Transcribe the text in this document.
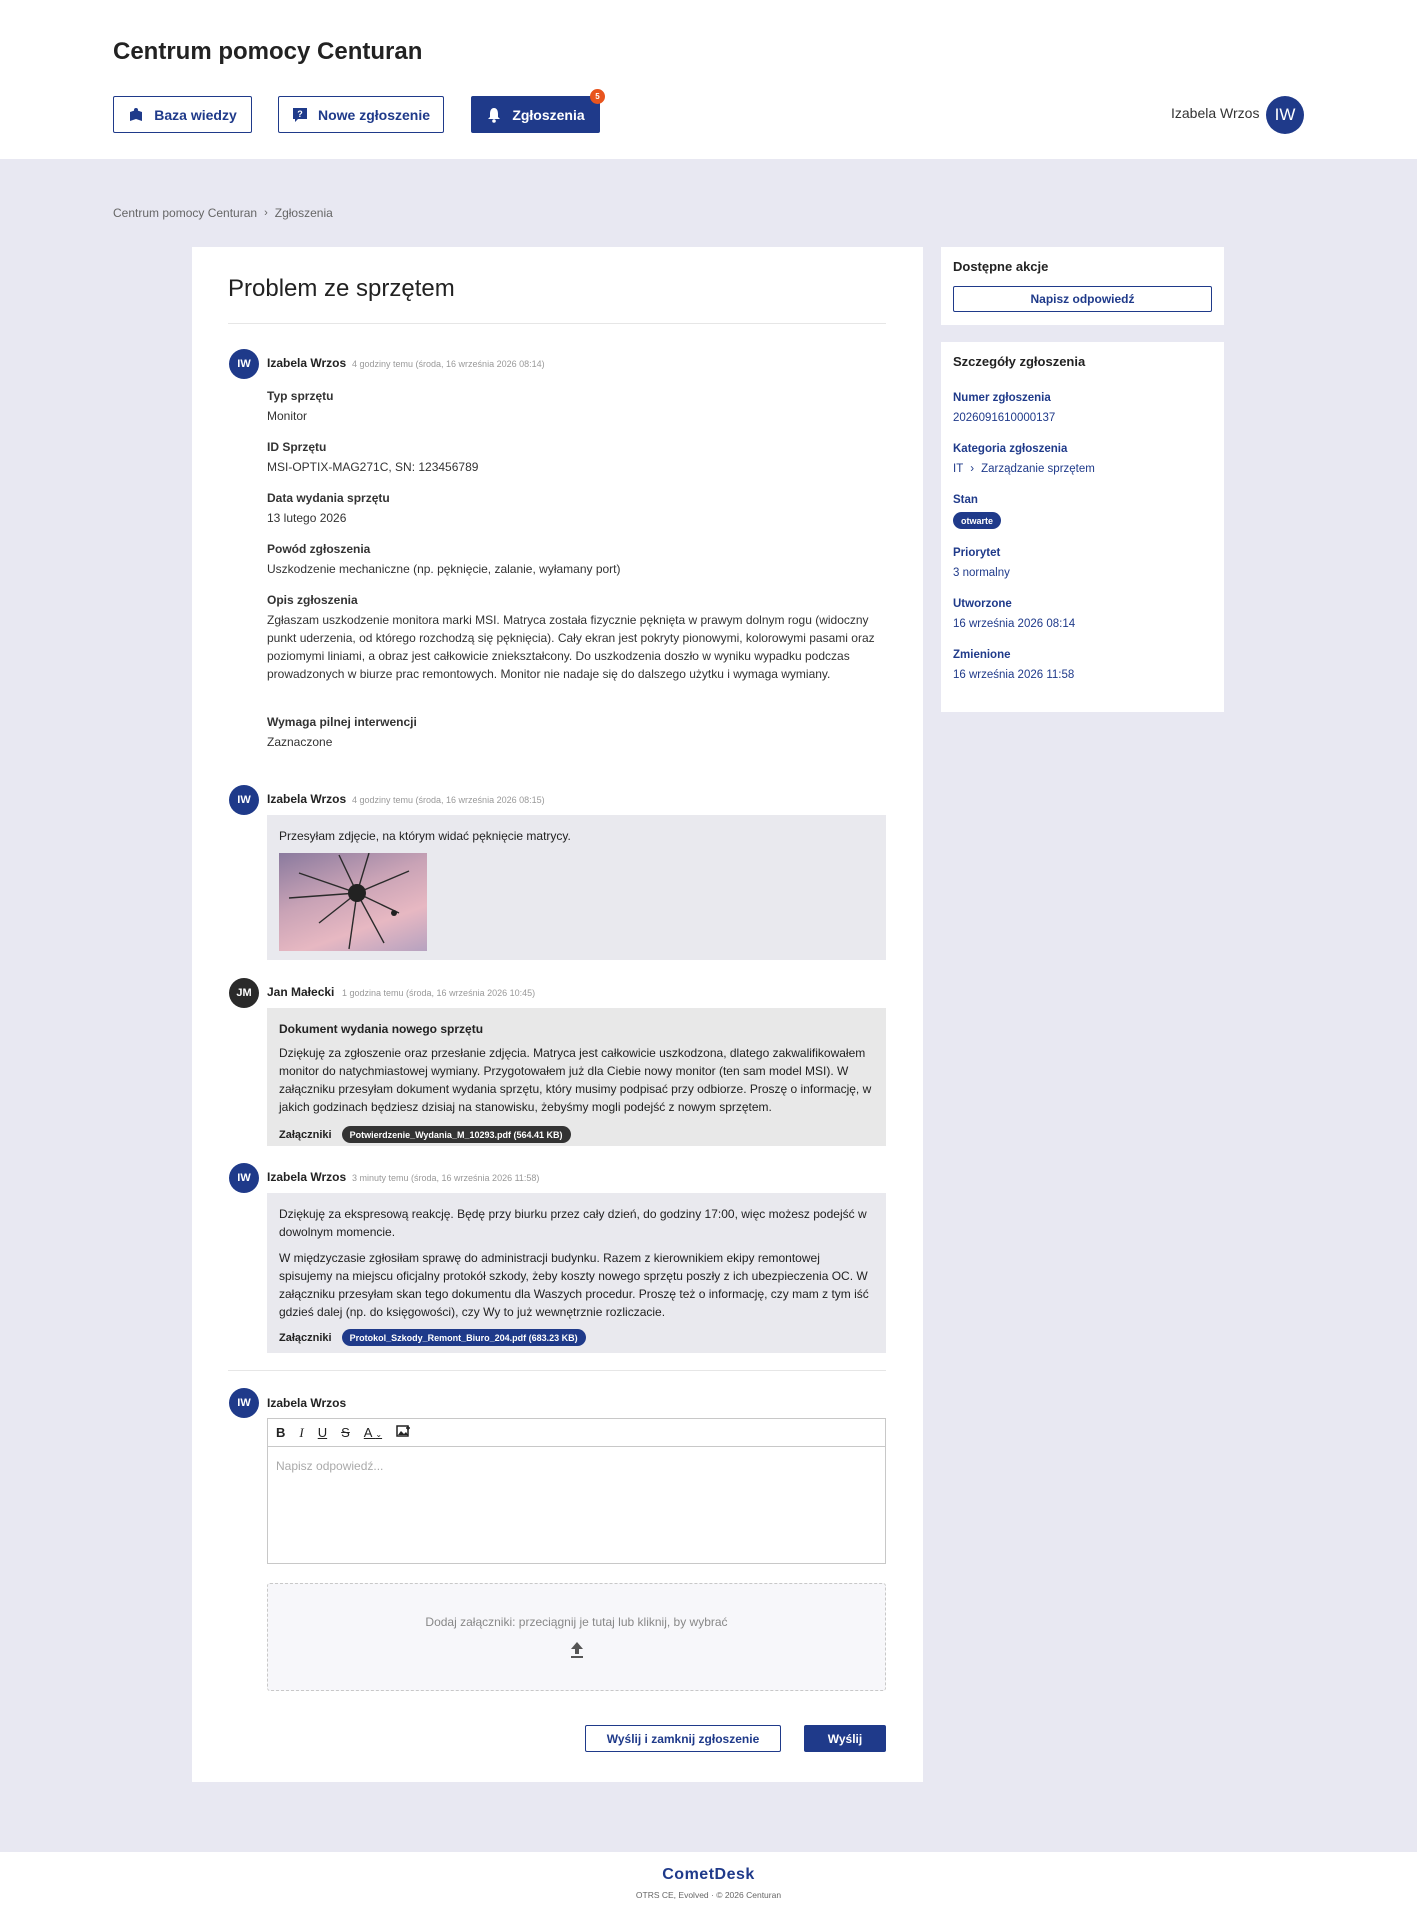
Centrum pomocy Centuran
Baza wiedzy	? Nowe zgłoszenie	Zgłoszenia
5
Izabela Wrzos IW
Centrum pomocy Centuran › Zgłoszenia
Problem ze sprzętem
IW	Izabela Wrzos 4 godziny temu (środa, 16 września 2026 08:14)
Typ sprzętu
Monitor
ID Sprzętu
MSI-OPTIX-MAG271C, SN: 123456789
Data wydania sprzętu
13 lutego 2026
Powód zgłoszenia
Uszkodzenie mechaniczne (np. pęknięcie, zalanie, wyłamany port)
Opis zgłoszenia
Zgłaszam uszkodzenie monitora marki MSI. Matryca została fizycznie pęknięta w prawym dolnym rogu (widoczny punkt uderzenia, od którego rozchodzą się pęknięcia). Cały ekran jest pokryty pionowymi, kolorowymi pasami oraz poziomymi liniami, a obraz jest całkowicie zniekształcony. Do uszkodzenia doszło w wyniku wypadku podczas prowadzonych w biurze prac remontowych. Monitor nie nadaje się do dalszego użytku i wymaga wymiany.
Wymaga pilnej interwencji
Zaznaczone
IW	Izabela Wrzos 4 godziny temu (środa, 16 września 2026 08:15)
Przesyłam zdjęcie, na którym widać pęknięcie matrycy.
JM	Jan Małecki 1 godzina temu (środa, 16 września 2026 10:45)
Dokument wydania nowego sprzętu
Dziękuję za zgłoszenie oraz przesłanie zdjęcia. Matryca jest całkowicie uszkodzona, dlatego zakwalifikowałem monitor do natychmiastowej wymiany. Przygotowałem już dla Ciebie nowy monitor (ten sam model MSI). W załączniku przesyłam dokument wydania sprzętu, który musimy podpisać przy odbiorze. Proszę o informację, w jakich godzinach będziesz dzisiaj na stanowisku, żebyśmy mogli podejść z nowym sprzętem.
Załączniki	Potwierdzenie_Wydania_M_10293.pdf (564.41 KB)
IW	Izabela Wrzos 3 minuty temu (środa, 16 września 2026 11:58)
Dziękuję za ekspresową reakcję. Będę przy biurku przez cały dzień, do godziny 17:00, więc możesz podejść w dowolnym momencie.
W międzyczasie zgłosiłam sprawę do administracji budynku. Razem z kierownikiem ekipy remontowej spisujemy na miejscu oficjalny protokół szkody, żeby koszty nowego sprzętu poszły z ich ubezpieczenia OC. W załączniku przesyłam skan tego dokumentu dla Waszych procedur. Proszę też o informację, czy mam z tym iść gdzieś dalej (np. do księgowości), czy Wy to już wewnętrznie rozliczacie.
Załączniki	Protokol_Szkody_Remont_Biuro_204.pdf (683.23 KB)
IW	Izabela Wrzos
B I U S A ⌄
Napisz odpowiedź...
Dodaj załączniki: przeciągnij je tutaj lub kliknij, by wybrać
Wyślij i zamknij zgłoszenie	Wyślij
Dostępne akcje
Napisz odpowiedź
Szczegóły zgłoszenia
Numer zgłoszenia
2026091610000137
Kategoria zgłoszenia
IT › Zarządzanie sprzętem
Stan
otwarte
Priorytet
3 normalny
Utworzone
16 września 2026 08:14
Zmienione
16 września 2026 11:58
CometDesk
OTRS CE, Evolved · © 2026 Centuran
